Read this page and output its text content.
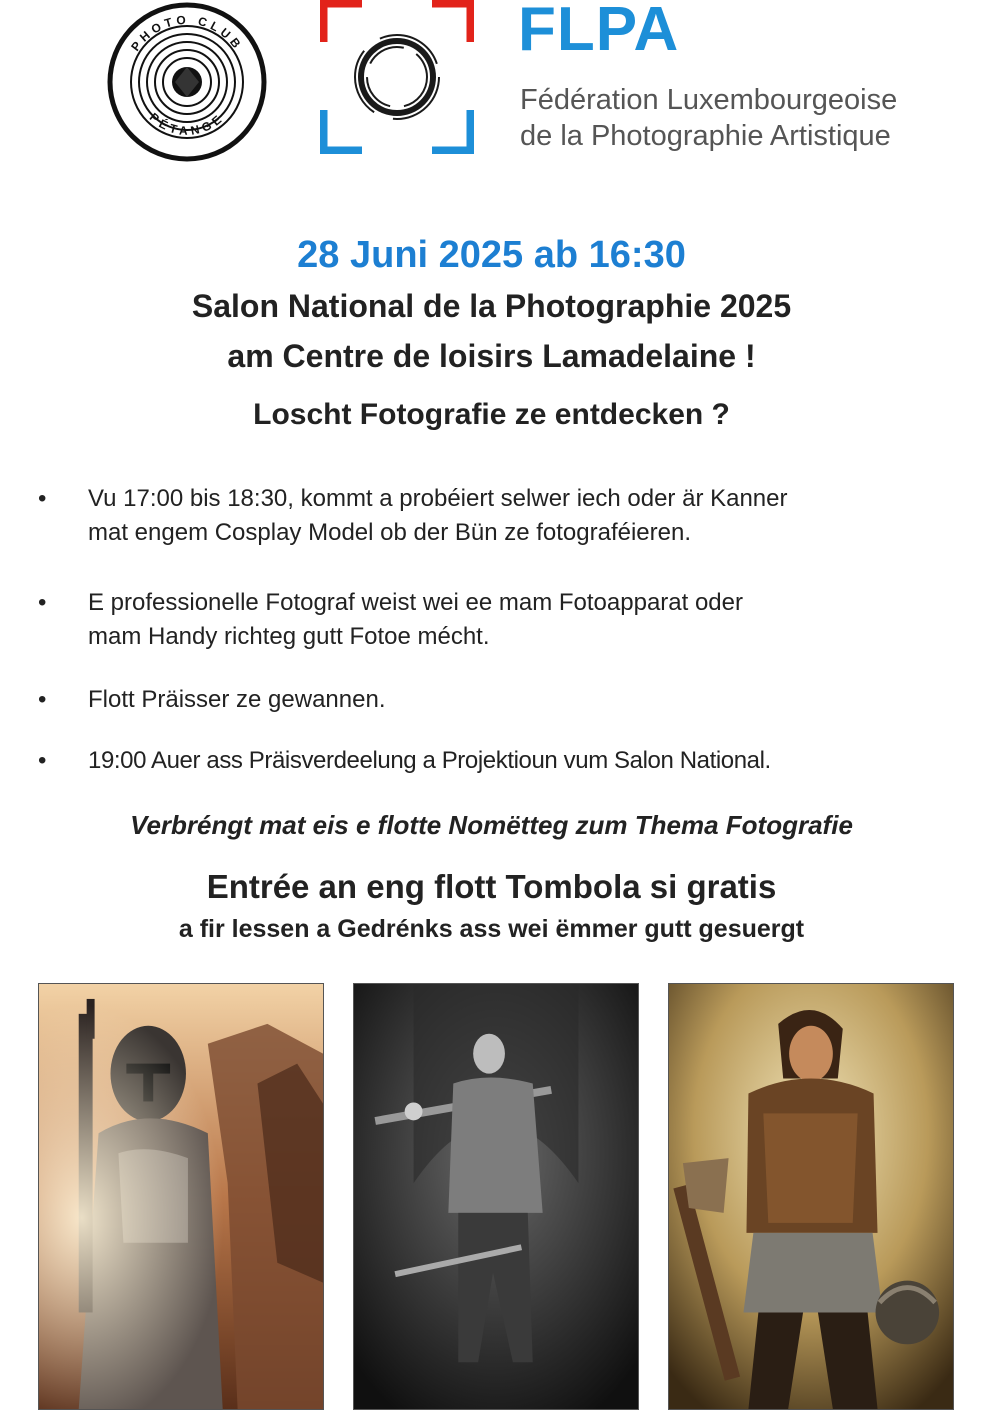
PHOTO CLUB
PÉTANGE
FLPA
Fédération Luxembourgeoise
de la Photographie Artistique
28 Juni 2025 ab 16:30
Salon National de la Photographie 2025
am Centre de loisirs Lamadelaine !
Loscht Fotografie ze entdecken ?
•	Vu 17:00 bis 18:30, kommt a probéiert selwer iech oder är Kanner
mat engem Cosplay Model ob der Bün ze fotograféieren.
•	E professionelle Fotograf weist wei ee mam Fotoapparat oder
mam Handy richteg gutt Fotoe mécht.
•	Flott Präisser ze gewannen.
•	19:00 Auer ass Präisverdeelung a Projektioun vum Salon National.
Verbréngt mat eis e flotte Nomëtteg zum Thema Fotografie
Entrée an eng flott Tombola si gratis
a fir lessen a Gedrénks ass wei ëmmer gutt gesuergt
